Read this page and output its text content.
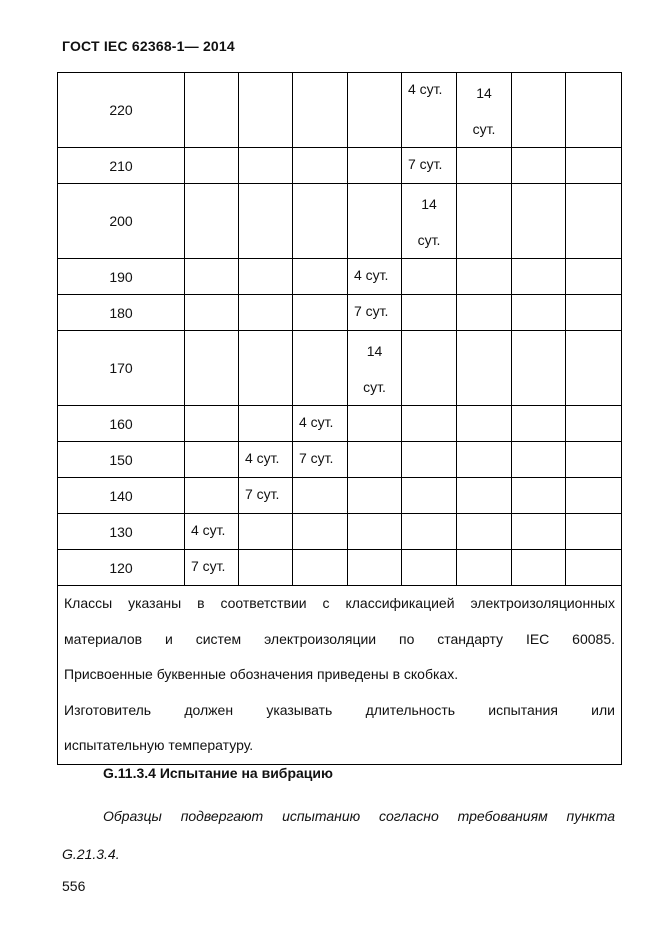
ГОСТ IEC 62368-1— 2014
220					4 сут.	14
сут.		

210					7 сут.			
200					14
сут.			

190				4 сут.				
180				7 сут.				
170				14
сут.				

160			4 сут.					
150		4 сут.	7 сут.					
140		7 сут.						
130	4 сут.							
120	7 сут.							

Классы указаны в соответствии с классификацией электроизоляционных

материалов и систем электроизоляции по стандарту IEC 60085.

Присвоенные буквенные обозначения приведены в скобках.

Изготовитель должен указывать длительность испытания или

испытательную температуру.								

G.11.3.4 Испытание на вибрацию
Образцы подвергают испытанию согласно требованиям пункта
G.21.3.4.
556
